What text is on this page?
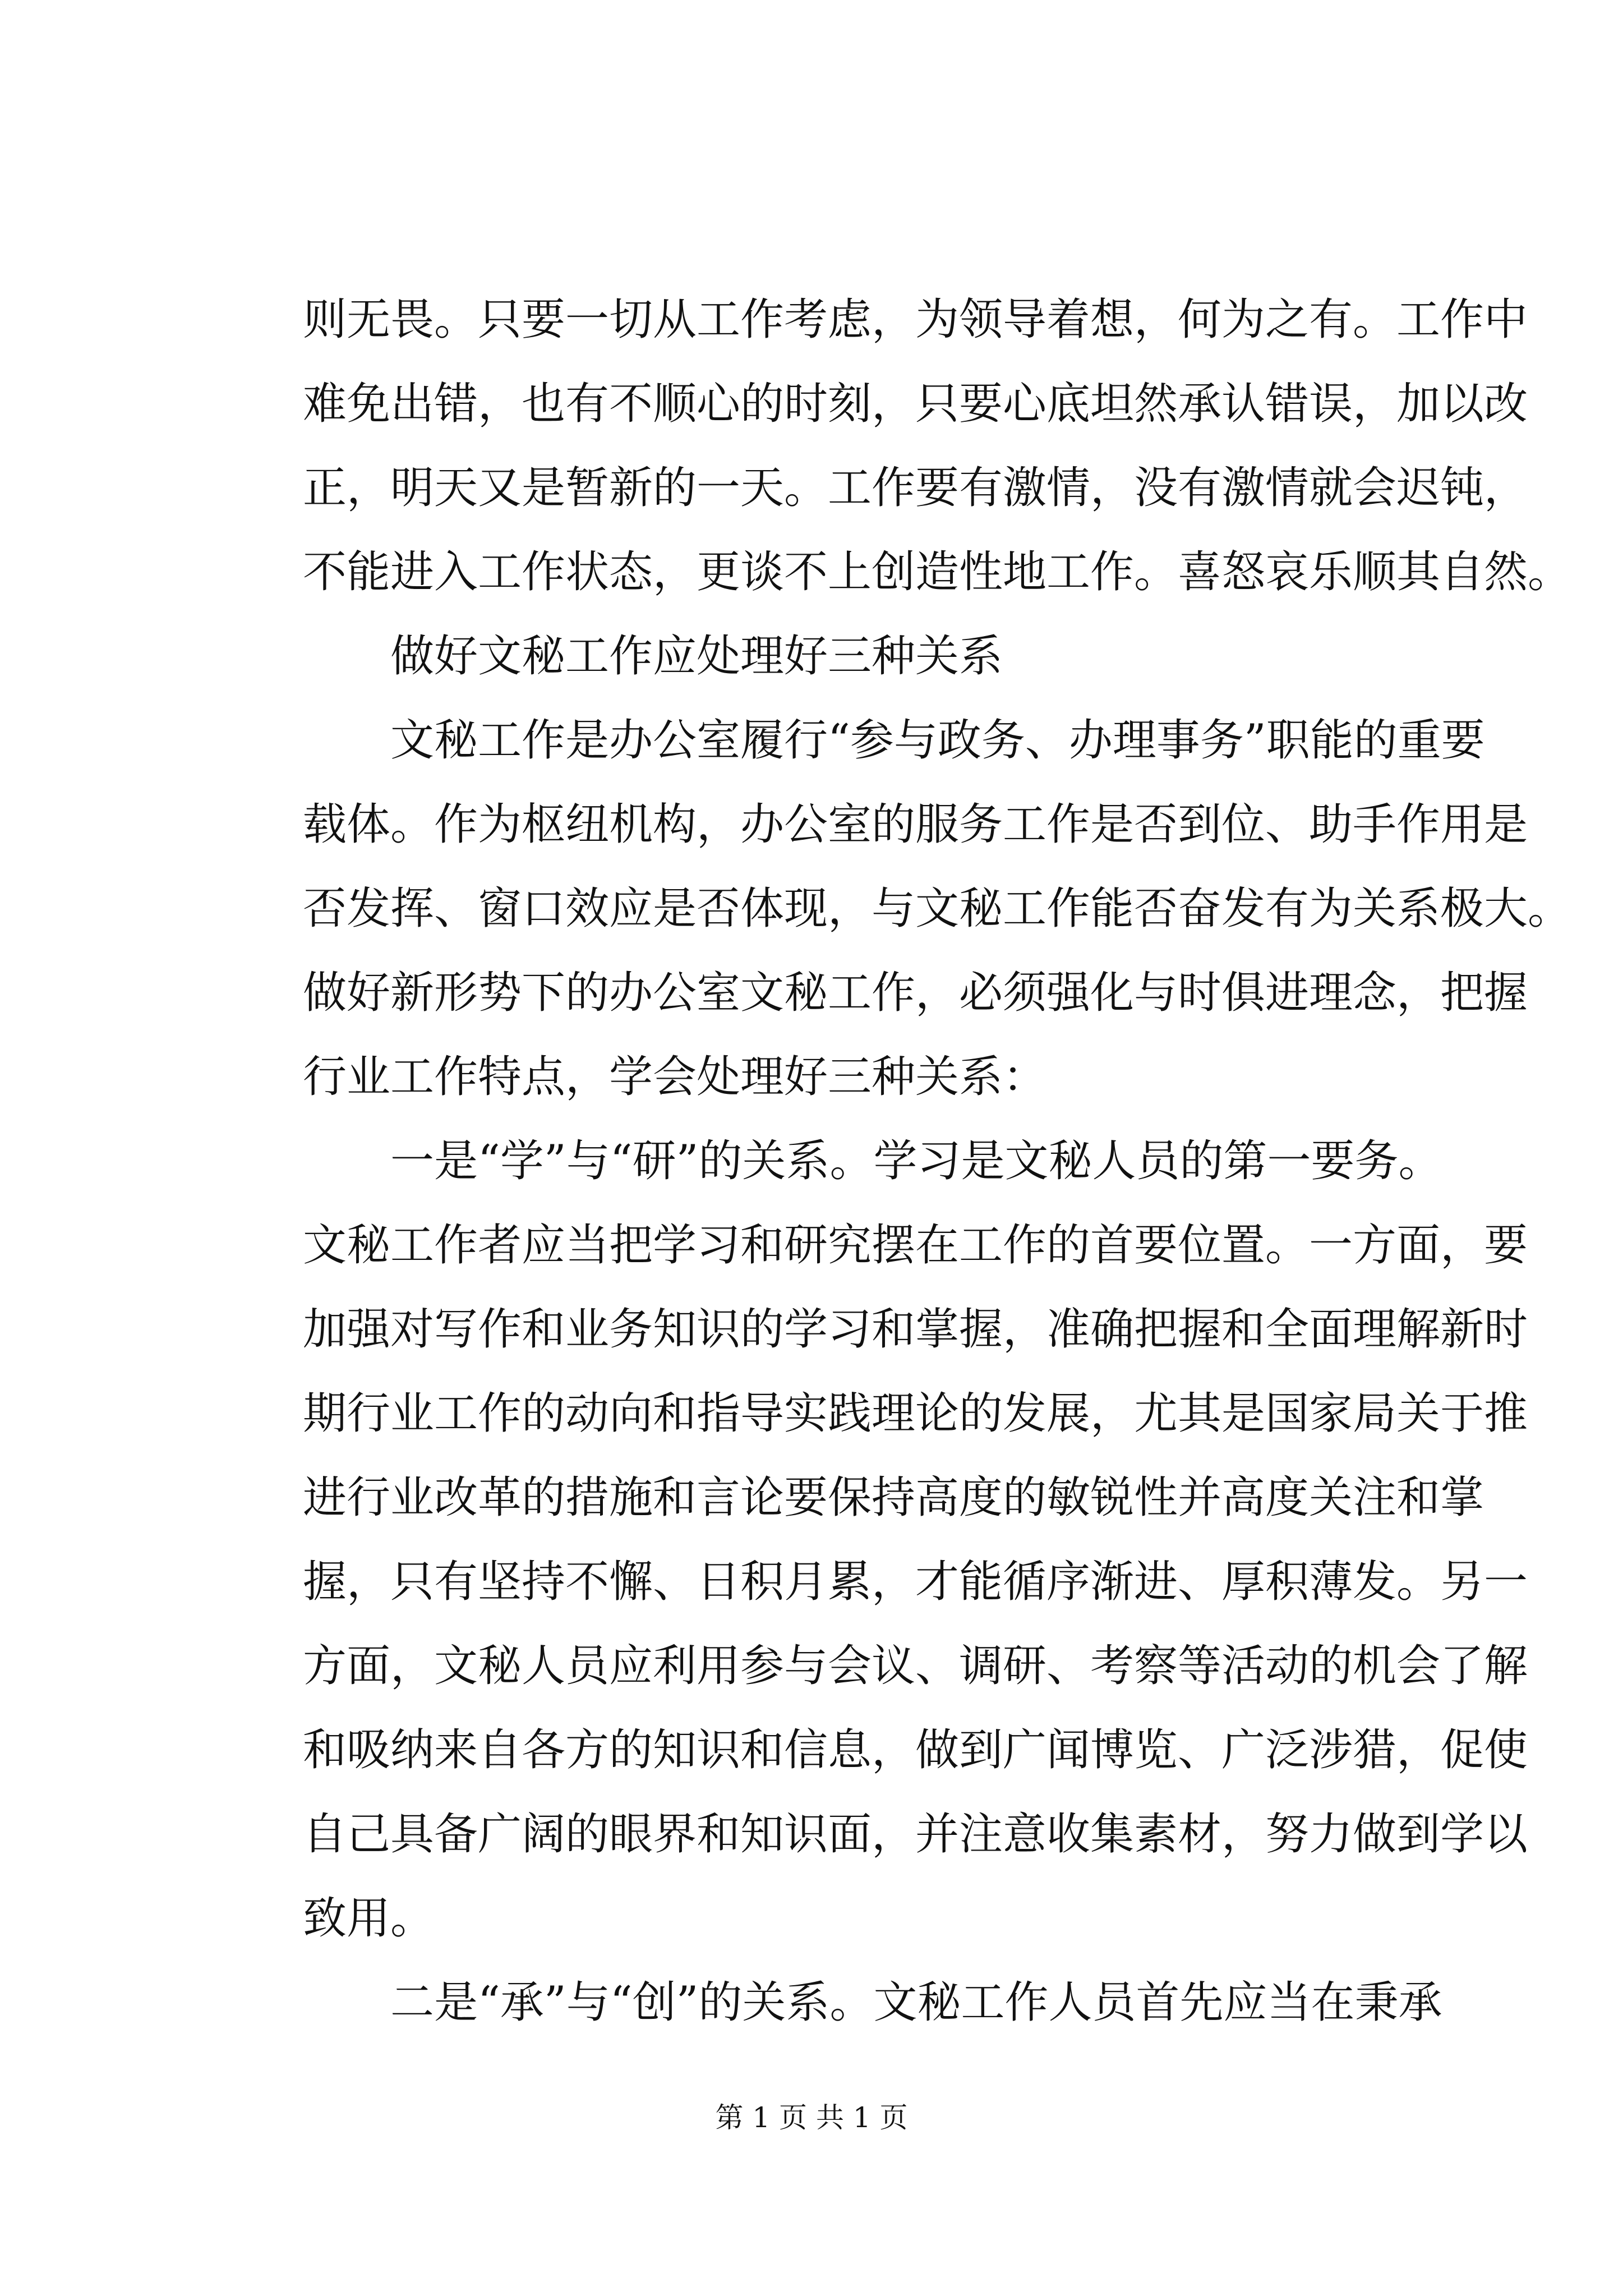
第 1 页 共 1 页
则无畏。只要一切从工作考虑，为领导着想，何为之有。工作中
难免出错，也有不顺心的时刻，只要心底坦然承认错误，加以改
正，明天又是暂新的一天。工作要有激情，没有激情就会迟钝，
不能进入工作状态，更谈不上创造性地工作。喜怒哀乐顺其自然。
　　做好文秘工作应处理好三种关系
　　文秘工作是办公室履行“参与政务、办理事务”职能的重要
载体。作为枢纽机构，办公室的服务工作是否到位、助手作用是
否发挥、窗口效应是否体现，与文秘工作能否奋发有为关系极大。
做好新形势下的办公室文秘工作，必须强化与时俱进理念，把握
行业工作特点，学会处理好三种关系：
　　一是“学”与“研”的关系。学习是文秘人员的第一要务。
文秘工作者应当把学习和研究摆在工作的首要位置。一方面，要
加强对写作和业务知识的学习和掌握，准确把握和全面理解新时
期行业工作的动向和指导实践理论的发展，尤其是国家局关于推
进行业改革的措施和言论要保持高度的敏锐性并高度关注和掌
握，只有坚持不懈、日积月累，才能循序渐进、厚积薄发。另一
方面，文秘人员应利用参与会议、调研、考察等活动的机会了解
和吸纳来自各方的知识和信息，做到广闻博览、广泛涉猎，促使
自己具备广阔的眼界和知识面，并注意收集素材，努力做到学以
致用。
　　二是“承”与“创”的关系。文秘工作人员首先应当在秉承
